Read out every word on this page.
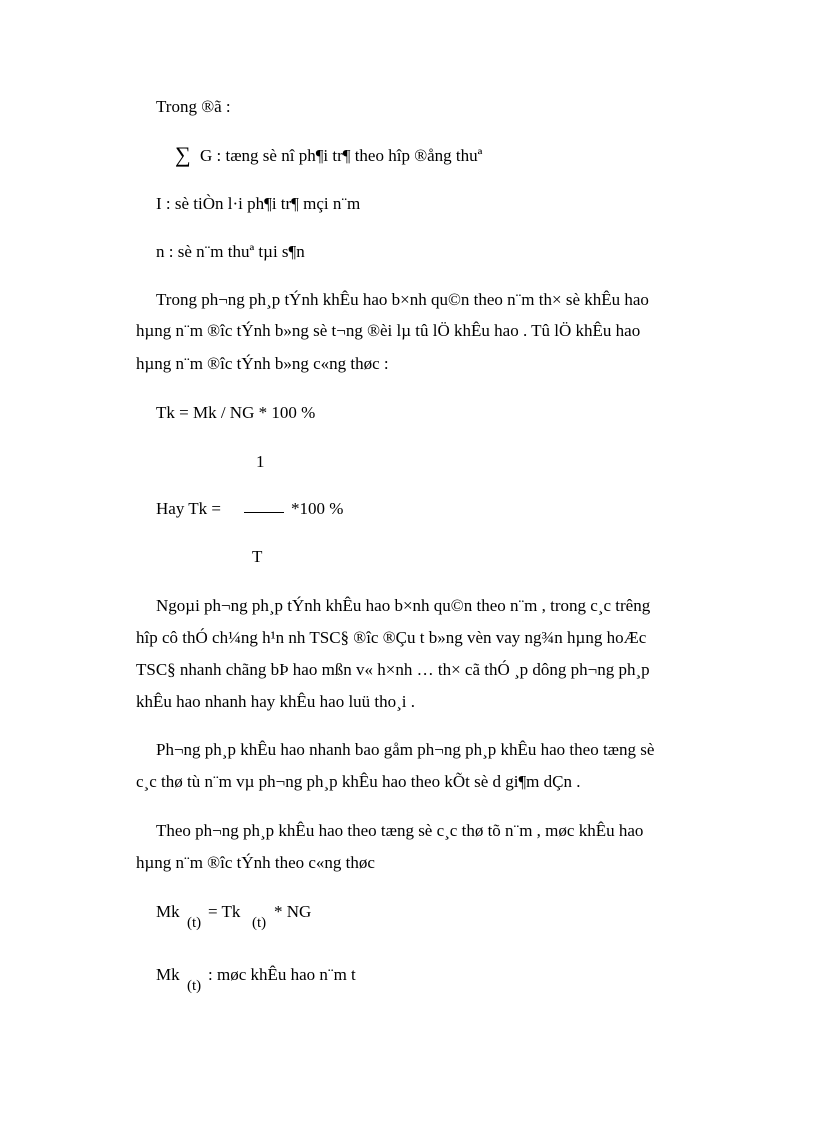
Trong ®ã :
∑ G : tæng sè nî ph¶i tr¶ theo hîp ®ång thuª
I : sè tiÒn l·i ph¶i tr¶ mçi n¨m
n : sè n¨m thuª tµi s¶n
Trong ph¬ng ph¸p tÝnh khÊu hao b×nh qu©n theo n¨m th× sè khÊu hao
hµng n¨m ®îc tÝnh b»ng sè t¬ng ®èi lµ tû lÖ khÊu hao . Tû lÖ khÊu hao
hµng n¨m ®îc tÝnh b»ng c«ng thøc :
Tk = Mk / NG * 100 %
1
Hay Tk =	*100 %
T
Ngoµi ph¬ng ph¸p tÝnh khÊu hao b×nh qu©n theo n¨m , trong c¸c trêng
hîp cô thÓ ch¼ng h¹n nh TSC§ ®îc ®Çu t b»ng vèn vay ng¾n hµng hoÆc
TSC§ nhanh chãng bÞ hao mßn v« h×nh … th× cã thÓ ¸p dông ph¬ng ph¸p
khÊu hao nhanh hay khÊu hao luü tho¸i .
Ph¬ng ph¸p khÊu hao nhanh bao gåm ph¬ng ph¸p khÊu hao theo tæng sè
c¸c thø tù n¨m vµ ph¬ng ph¸p khÊu hao theo kÕt sè d gi¶m dÇn .
Theo ph¬ng ph¸p khÊu hao theo tæng sè c¸c thø tõ n¨m , møc khÊu hao
hµng n¨m ®îc tÝnh theo c«ng thøc
Mk
(t)
= Tk
(t)
* NG
Mk
(t)
: møc khÊu hao n¨m t
